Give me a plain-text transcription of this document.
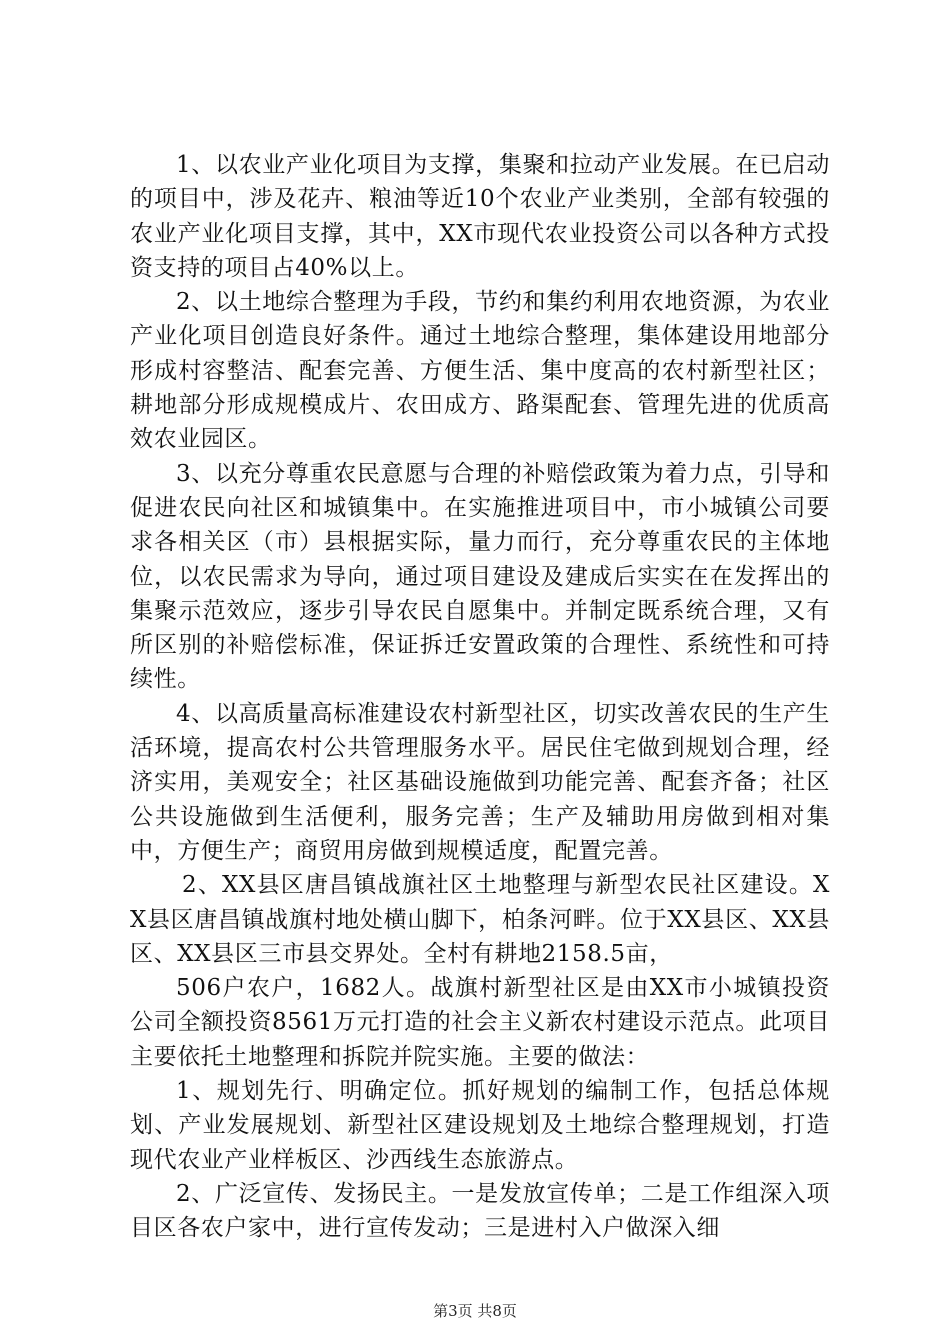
1、以农业产业化项目为支撑，集聚和拉动产业发展。在已启动的项目中，涉及花卉、粮油等近10个农业产业类别，全部有较强的农业产业化项目支撑，其中，XX市现代农业投资公司以各种方式投资支持的项目占40%以上。

2、以土地综合整理为手段，节约和集约利用农地资源，为农业产业化项目创造良好条件。通过土地综合整理，集体建设用地部分形成村容整洁、配套完善、方便生活、集中度高的农村新型社区；耕地部分形成规模成片、农田成方、路渠配套、管理先进的优质高效农业园区。

3、以充分尊重农民意愿与合理的补赔偿政策为着力点，引导和促进农民向社区和城镇集中。在实施推进项目中，市小城镇公司要求各相关区（市）县根据实际，量力而行，充分尊重农民的主体地位，以农民需求为导向，通过项目建设及建成后实实在在发挥出的集聚示范效应，逐步引导农民自愿集中。并制定既系统合理，又有所区别的补赔偿标准，保证拆迁安置政策的合理性、系统性和可持续性。

4、以高质量高标准建设农村新型社区，切实改善农民的生产生活环境，提高农村公共管理服务水平。居民住宅做到规划合理，经济实用，美观安全；社区基础设施做到功能完善、配套齐备；社区公共设施做到生活便利，服务完善；生产及辅助用房做到相对集中，方便生产；商贸用房做到规模适度，配置完善。

2、XX县区唐昌镇战旗社区土地整理与新型农民社区建设。XX县区唐昌镇战旗村地处横山脚下，柏条河畔。位于XX县区、XX县区、XX县区三市县交界处。全村有耕地2158.5亩，

506户农户，1682人。战旗村新型社区是由XX市小城镇投资公司全额投资8561万元打造的社会主义新农村建设示范点。此项目主要依托土地整理和拆院并院实施。主要的做法：

1、规划先行、明确定位。抓好规划的编制工作，包括总体规划、产业发展规划、新型社区建设规划及土地综合整理规划，打造现代农业产业样板区、沙西线生态旅游点。

2、广泛宣传、发扬民主。一是发放宣传单；二是工作组深入项目区各农户家中，进行宣传发动；三是进村入户做深入细

第3页 共8页
